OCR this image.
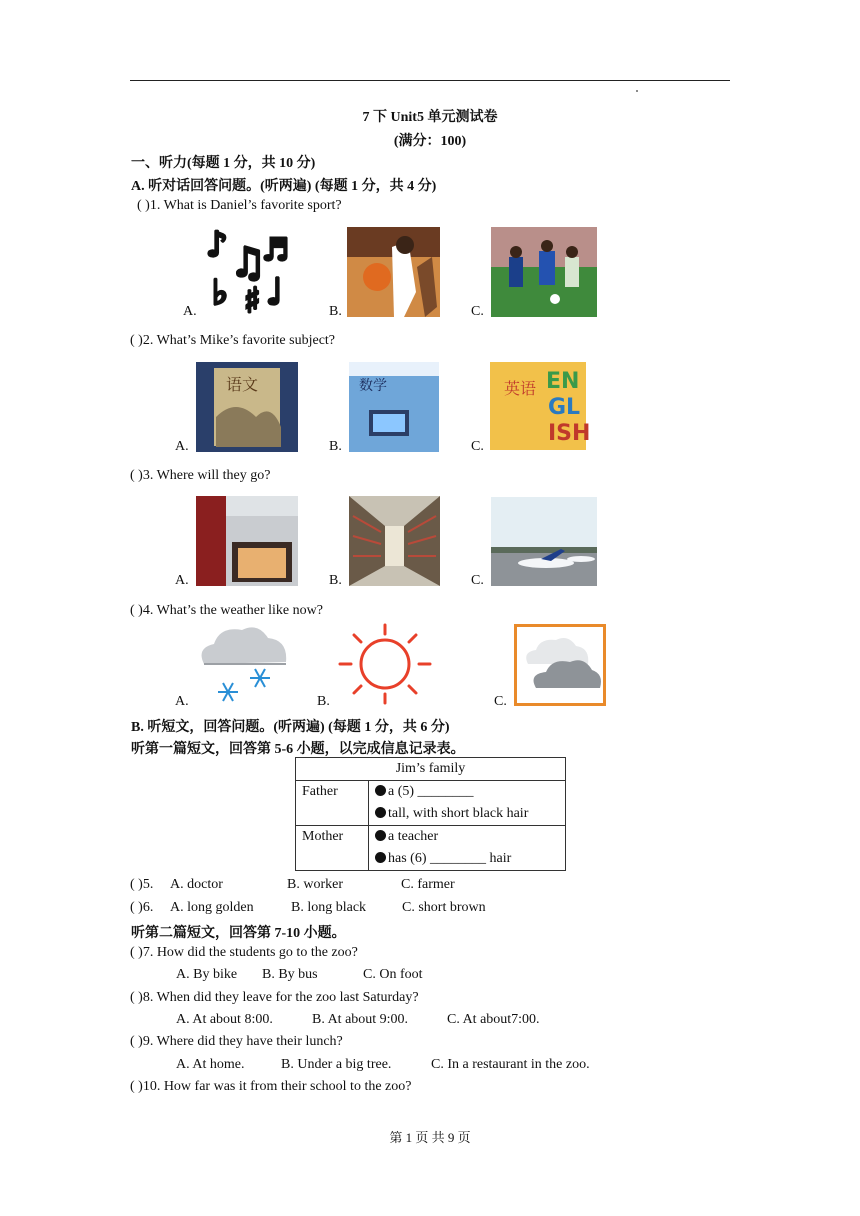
7 下 Unit5 单元测试卷
(满分：100)
一、听力(每题 1 分，共 10 分)
A. 听对话回答问题。(听两遍) (每题 1 分，共 4 分)
( )1. What is Daniel’s favorite sport?
♪ ♫
♬
♭ ♯ ♩
A.	B.	C.
( )2. What’s Mike’s favorite subject?
语文
A.
数学
B.
英语 EN
GL
ISH
C.
( )3. Where will they go?
A.	B.	C.
( )4. What’s the weather like now?
A.	B.	C.
B. 听短文，回答问题。(听两遍) (每题 1 分，共 6 分)
听第一篇短文，回答第 5-6 小题，以完成信息记录表。
Jim’s family	
Father	a (5) ________
tall, with short black hair

Mother	a teacher
has (6) ________ hair
( )5. A. doctor	B. worker	C. farmer
( )6. A. long golden	B. long black	C. short brown
听第二篇短文，回答第 7-10 小题。
( )7. How did the students go to the zoo?
A. By bike B. By bus	C. On foot
( )8. When did they leave for the zoo last Saturday?
A. At about 8:00.	B. At about 9:00.	C. At about7:00.
( )9. Where did they have their lunch?
A. At home.	B. Under a big tree.	C. In a restaurant in the zoo.
( )10. How far was it from their school to the zoo?
第 1 页 共 9 页
